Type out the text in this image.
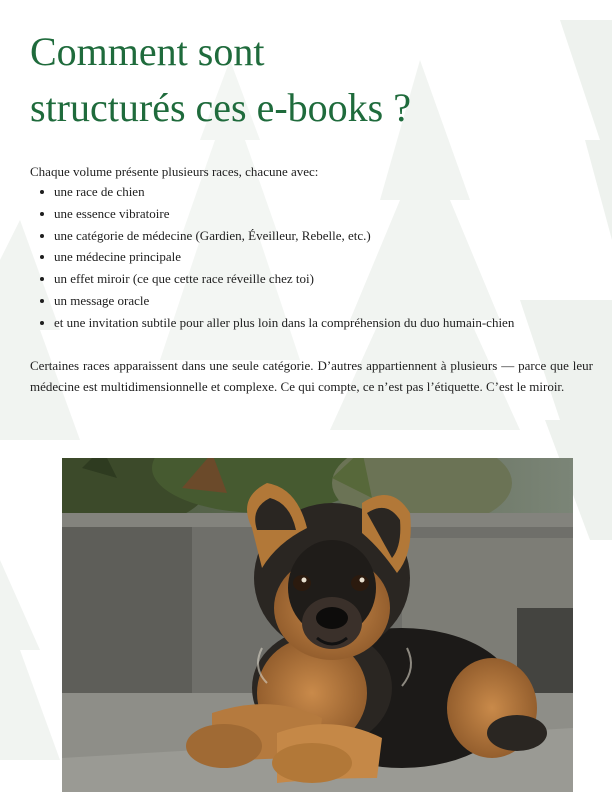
Comment sont
structurés ces e-books ?

Chaque volume présente plusieurs races, chacune avec:

une race de chien
une essence vibratoire
une catégorie de médecine (Gardien, Éveilleur, Rebelle, etc.)
une médecine principale
un effet miroir (ce que cette race réveille chez toi)
un message oracle
et une invitation subtile pour aller plus loin dans la compréhension du duo humain-chien

Certaines races apparaissent dans une seule catégorie. D’autres appartiennent à plusieurs — parce que leur médecine est multidimensionnelle et complexe. Ce qui compte, ce n’est pas l’étiquette. C’est le miroir.
